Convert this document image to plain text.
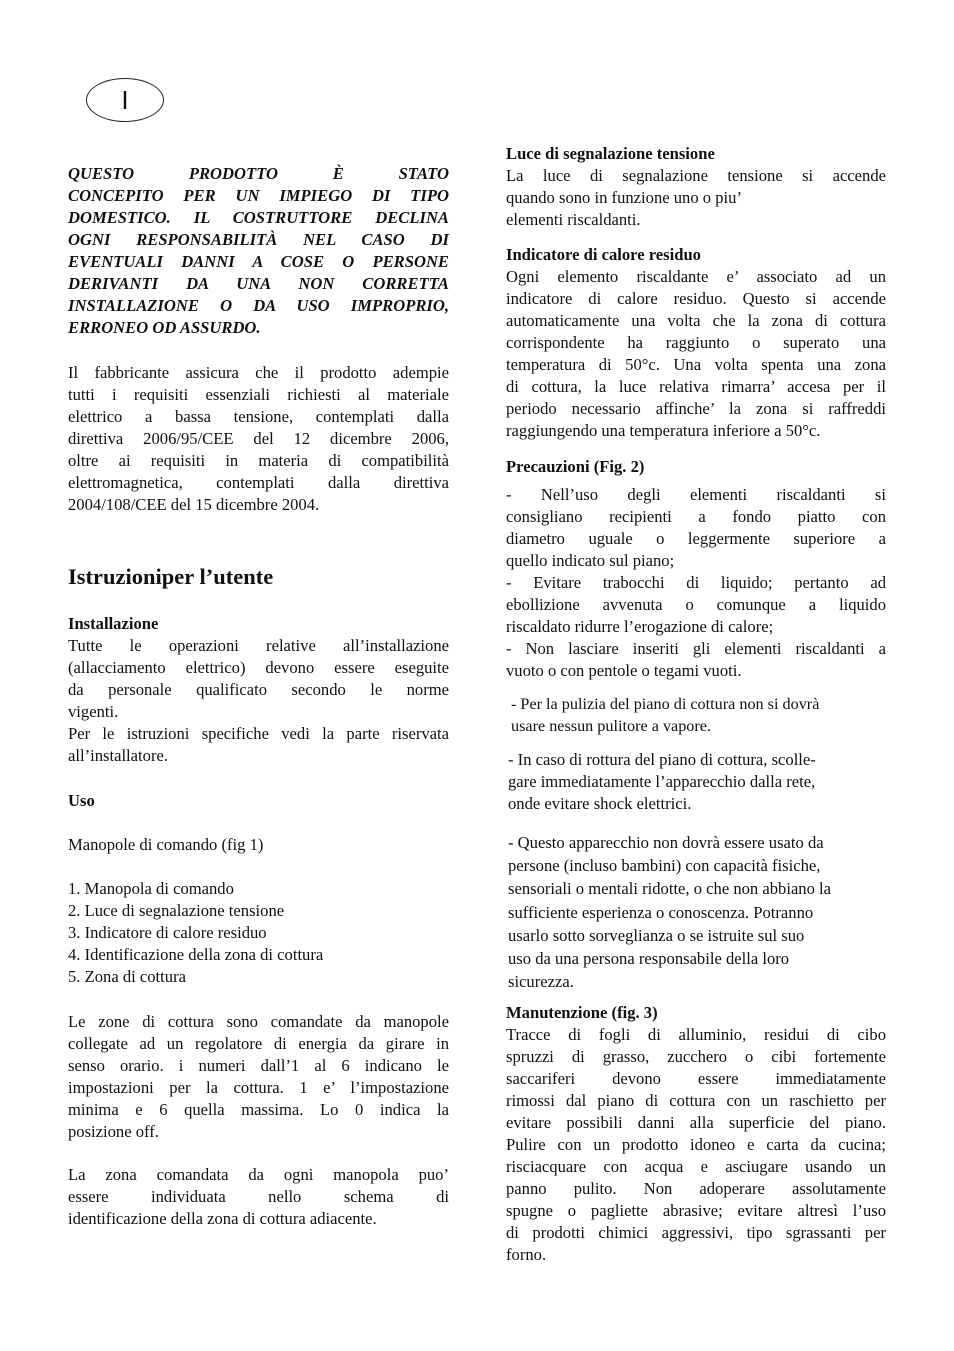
I
QUESTO PRODOTTO È STATO
CONCEPITO PER UN IMPIEGO DI TIPO
DOMESTICO. IL COSTRUTTORE DECLINA
OGNI RESPONSABILITÀ NEL CASO DI
EVENTUALI DANNI A COSE O PERSONE
DERIVANTI DA UNA NON CORRETTA
INSTALLAZIONE O DA USO IMPROPRIO,
ERRONEO OD ASSURDO.
Il fabbricante assicura che il prodotto adempie
tutti i requisiti essenziali richiesti al materiale
elettrico a bassa tensione, contemplati dalla
direttiva 2006/95/CEE del 12 dicembre 2006,
oltre ai requisiti in materia di compatibilità
elettromagnetica, contemplati dalla direttiva
2004/108/CEE del 15 dicembre 2004.
Istruzioniper l’utente
Installazione
Tutte le operazioni relative all’installazione
(allacciamento elettrico) devono essere eseguite
da personale qualificato secondo le norme
vigenti.
Per le istruzioni specifiche vedi la parte riservata
all’installatore.
Uso
Manopole di comando (fig 1)
1. Manopola di comando
2. Luce di segnalazione tensione
3. Indicatore di calore residuo
4. Identificazione della zona di cottura
5. Zona di cottura
Le zone di cottura sono comandate da manopole
collegate ad un regolatore di energia da girare in
senso orario. i numeri dall’1 al 6 indicano le
impostazioni per la cottura. 1 e’ l’impostazione
minima e 6 quella massima. Lo 0 indica la
posizione off.
La zona comandata da ogni manopola puo’
essere individuata nello schema di
identificazione della zona di cottura adiacente.
Luce di segnalazione tensione
La luce di segnalazione tensione si accende
quando sono in funzione uno o piu’
elementi riscaldanti.
Indicatore di calore residuo
Ogni elemento riscaldante e’ associato ad un
indicatore di calore residuo. Questo si accende
automaticamente una volta che la zona di cottura
corrispondente ha raggiunto o superato una
temperatura di 50°c. Una volta spenta una zona
di cottura, la luce relativa rimarra’ accesa per il
periodo necessario affinche’ la zona si raffreddi
raggiungendo una temperatura inferiore a 50°c.
Precauzioni (Fig. 2)
- Nell’uso degli elementi riscaldanti si
consigliano recipienti a fondo piatto con
diametro uguale o leggermente superiore a
quello indicato sul piano;
- Evitare trabocchi di liquido; pertanto ad
ebollizione avvenuta o comunque a liquido
riscaldato ridurre l’erogazione di calore;
- Non lasciare inseriti gli elementi riscaldanti a
vuoto o con pentole o tegami vuoti.
- Per la pulizia del piano di cottura non si dovrà
usare nessun pulitore a vapore.
- In caso di rottura del piano di cottura, scolle-
gare immediatamente l’apparecchio dalla rete,
onde evitare shock elettrici.
- Questo apparecchio non dovrà essere usato da
persone (incluso bambini) con capacità fisiche,
sensoriali o mentali ridotte, o che non abbiano la
sufficiente esperienza o conoscenza. Potranno
usarlo sotto sorveglianza o se istruite sul suo
uso da una persona responsabile della loro
sicurezza.
Manutenzione (fig. 3)
Tracce di fogli di alluminio, residui di cibo
spruzzi di grasso, zucchero o cibi fortemente
saccariferi devono essere immediatamente
rimossi dal piano di cottura con un raschietto per
evitare possibili danni alla superficie del piano.
Pulire con un prodotto idoneo e carta da cucina;
risciacquare con acqua e asciugare usando un
panno pulito. Non adoperare assolutamente
spugne o pagliette abrasive; evitare altresì l’uso
di prodotti chimici aggressivi, tipo sgrassanti per
forno.
